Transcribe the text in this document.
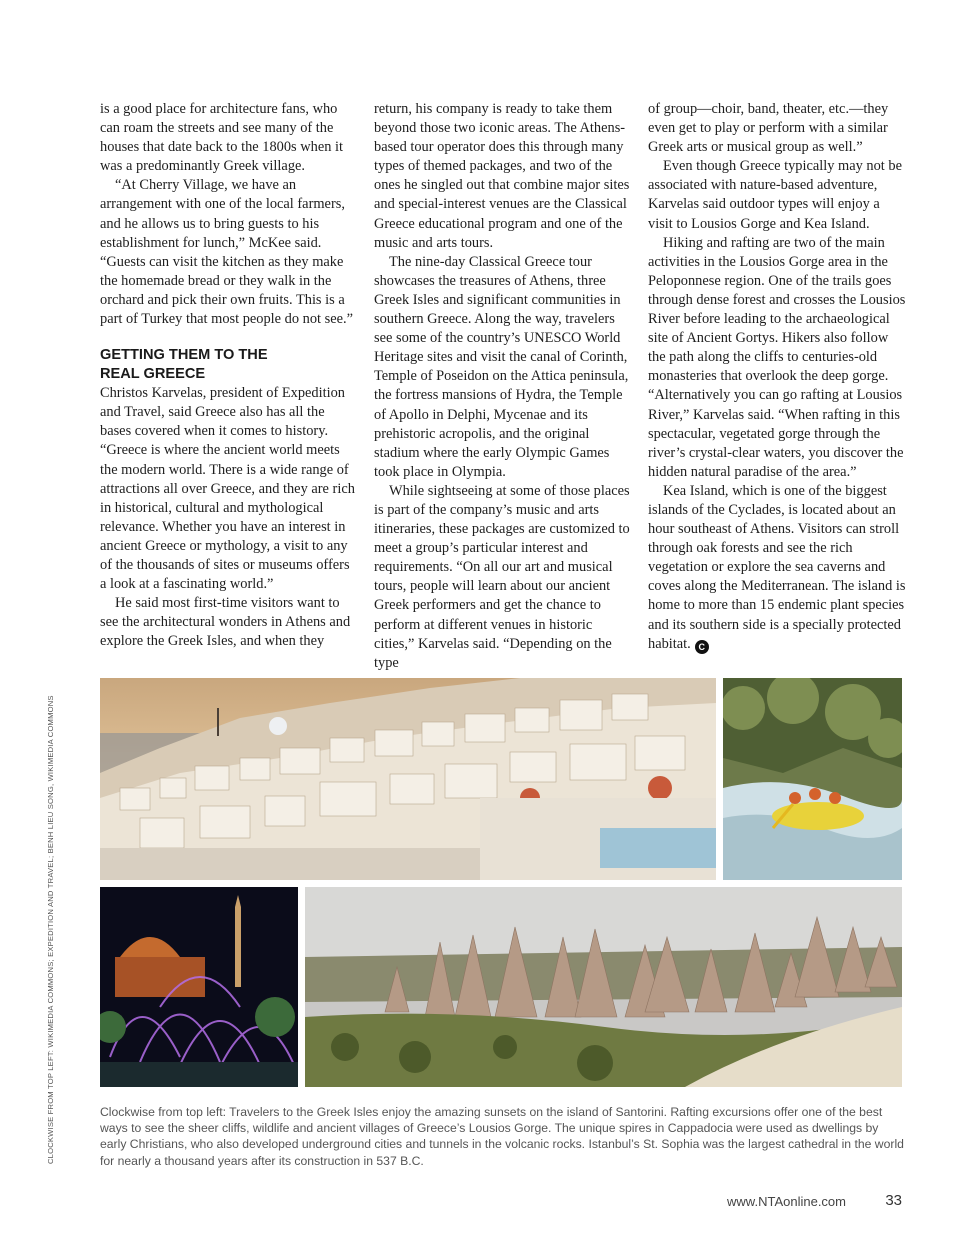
is a good place for architecture fans, who can roam the streets and see many of the houses that date back to the 1800s when it was a predominantly Greek village.

“At Cherry Village, we have an arrangement with one of the local farmers, and he allows us to bring guests to his establishment for lunch,” McKee said. “Guests can visit the kitchen as they make the homemade bread or they walk in the orchard and pick their own fruits. This is a part of Turkey that most people do not see.”

GETTING THEM TO THE
REAL GREECE

Christos Karvelas, president of Expedition and Travel, said Greece also has all the bases covered when it comes to history. “Greece is where the ancient world meets the modern world. There is a wide range of attractions all over Greece, and they are rich in historical, cultural and mythological relevance. Whether you have an interest in ancient Greece or mythology, a visit to any of the thousands of sites or museums offers a look at a fascinating world.”

He said most first-time visitors want to see the architectural wonders in Athens and explore the Greek Isles, and when they

return, his company is ready to take them beyond those two iconic areas. The Athens-based tour operator does this through many types of themed packages, and two of the ones he singled out that combine major sites and special-interest venues are the Classical Greece educational program and one of the music and arts tours.

The nine-day Classical Greece tour showcases the treasures of Athens, three Greek Isles and significant communities in southern Greece. Along the way, travelers see some of the country’s UNESCO World Heritage sites and visit the canal of Corinth, Temple of Poseidon on the Attica peninsula, the fortress mansions of Hydra, the Temple of Apollo in Delphi, Mycenae and its prehistoric acropolis, and the original stadium where the early Olympic Games took place in Olympia.

While sightseeing at some of those places is part of the company’s music and arts itineraries, these packages are customized to meet a group’s particular interest and requirements. “On all our art and musical tours, people will learn about our ancient Greek performers and get the chance to perform at different venues in historic cities,” Karvelas said. “Depending on the type

of group—choir, band, theater, etc.—they even get to play or perform with a similar Greek arts or musical group as well.”

Even though Greece typically may not be associated with nature-based adventure, Karvelas said outdoor types will enjoy a visit to Lousios Gorge and Kea Island.

Hiking and rafting are two of the main activities in the Lousios Gorge area in the Peloponnese region. One of the trails goes through dense forest and crosses the Lousios River before leading to the archaeological site of Ancient Gortys. Hikers also follow the path along the cliffs to centuries-old monasteries that overlook the deep gorge. “Alternatively you can go rafting at Lousios River,” Karvelas said. “When rafting in this spectacular, vegetated gorge through the river’s crystal-clear waters, you discover the hidden natural paradise of the area.”

Kea Island, which is one of the biggest islands of the Cyclades, is located about an hour southeast of Athens. Visitors can stroll through oak forests and see the rich vegetation or explore the sea caverns and coves along the Mediterranean. The island is home to more than 15 endemic plant species and its southern side is a specially protected habitat. C

Clockwise from top left: Travelers to the Greek Isles enjoy the amazing sunsets on the island of Santorini. Rafting excursions offer one of the best ways to see the sheer cliffs, wildlife and ancient villages of Greece’s Lousios Gorge. The unique spires in Cappadocia were used as dwellings by early Christians, who also developed underground cities and tunnels in the volcanic rocks. Istanbul’s St. Sophia was the largest cathedral in the world for nearly a thousand years after its construction in 537 B.C.
CLOCKWISE FROM TOP LEFT: WIKIMEDIA COMMONS; EXPEDITION AND TRAVEL; BENH LIEU SONG, WIKIMEDIA COMMONS
www.NTAonline.com	33
